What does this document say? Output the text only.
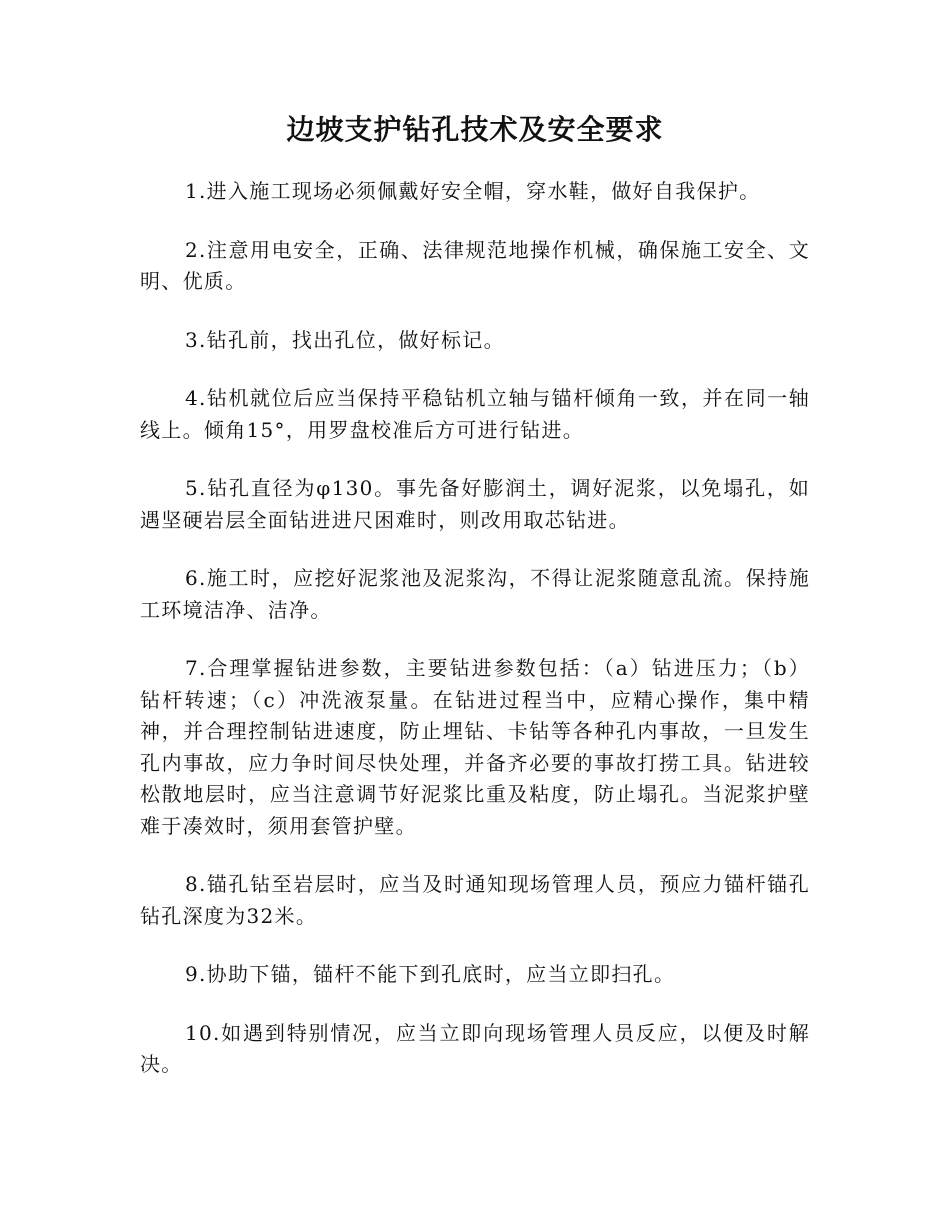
边坡支护钻孔技术及安全要求

1.进入施工现场必须佩戴好安全帽，穿水鞋，做好自我保护。

2.注意用电安全，正确、法律规范地操作机械，确保施工安全、文明、优质。

3.钻孔前，找出孔位，做好标记。

4.钻机就位后应当保持平稳钻机立轴与锚杆倾角一致，并在同一轴线上。倾角15°，用罗盘校准后方可进行钻进。

5.钻孔直径为φ130。事先备好膨润土，调好泥浆，以免塌孔，如遇坚硬岩层全面钻进进尺困难时，则改用取芯钻进。

6.施工时，应挖好泥浆池及泥浆沟，不得让泥浆随意乱流。保持施工环境洁净、洁净。

7.合理掌握钻进参数，主要钻进参数包括：（a）钻进压力；（b）钻杆转速；（c）冲洗液泵量。在钻进过程当中，应精心操作，集中精神，并合理控制钻进速度，防止埋钻、卡钻等各种孔内事故，一旦发生孔内事故，应力争时间尽快处理，并备齐必要的事故打捞工具。钻进较松散地层时，应当注意调节好泥浆比重及粘度，防止塌孔。当泥浆护壁难于凑效时，须用套管护壁。

8.锚孔钻至岩层时，应当及时通知现场管理人员，预应力锚杆锚孔钻孔深度为32米。

9.协助下锚，锚杆不能下到孔底时，应当立即扫孔。

10.如遇到特别情况，应当立即向现场管理人员反应，以便及时解决。
